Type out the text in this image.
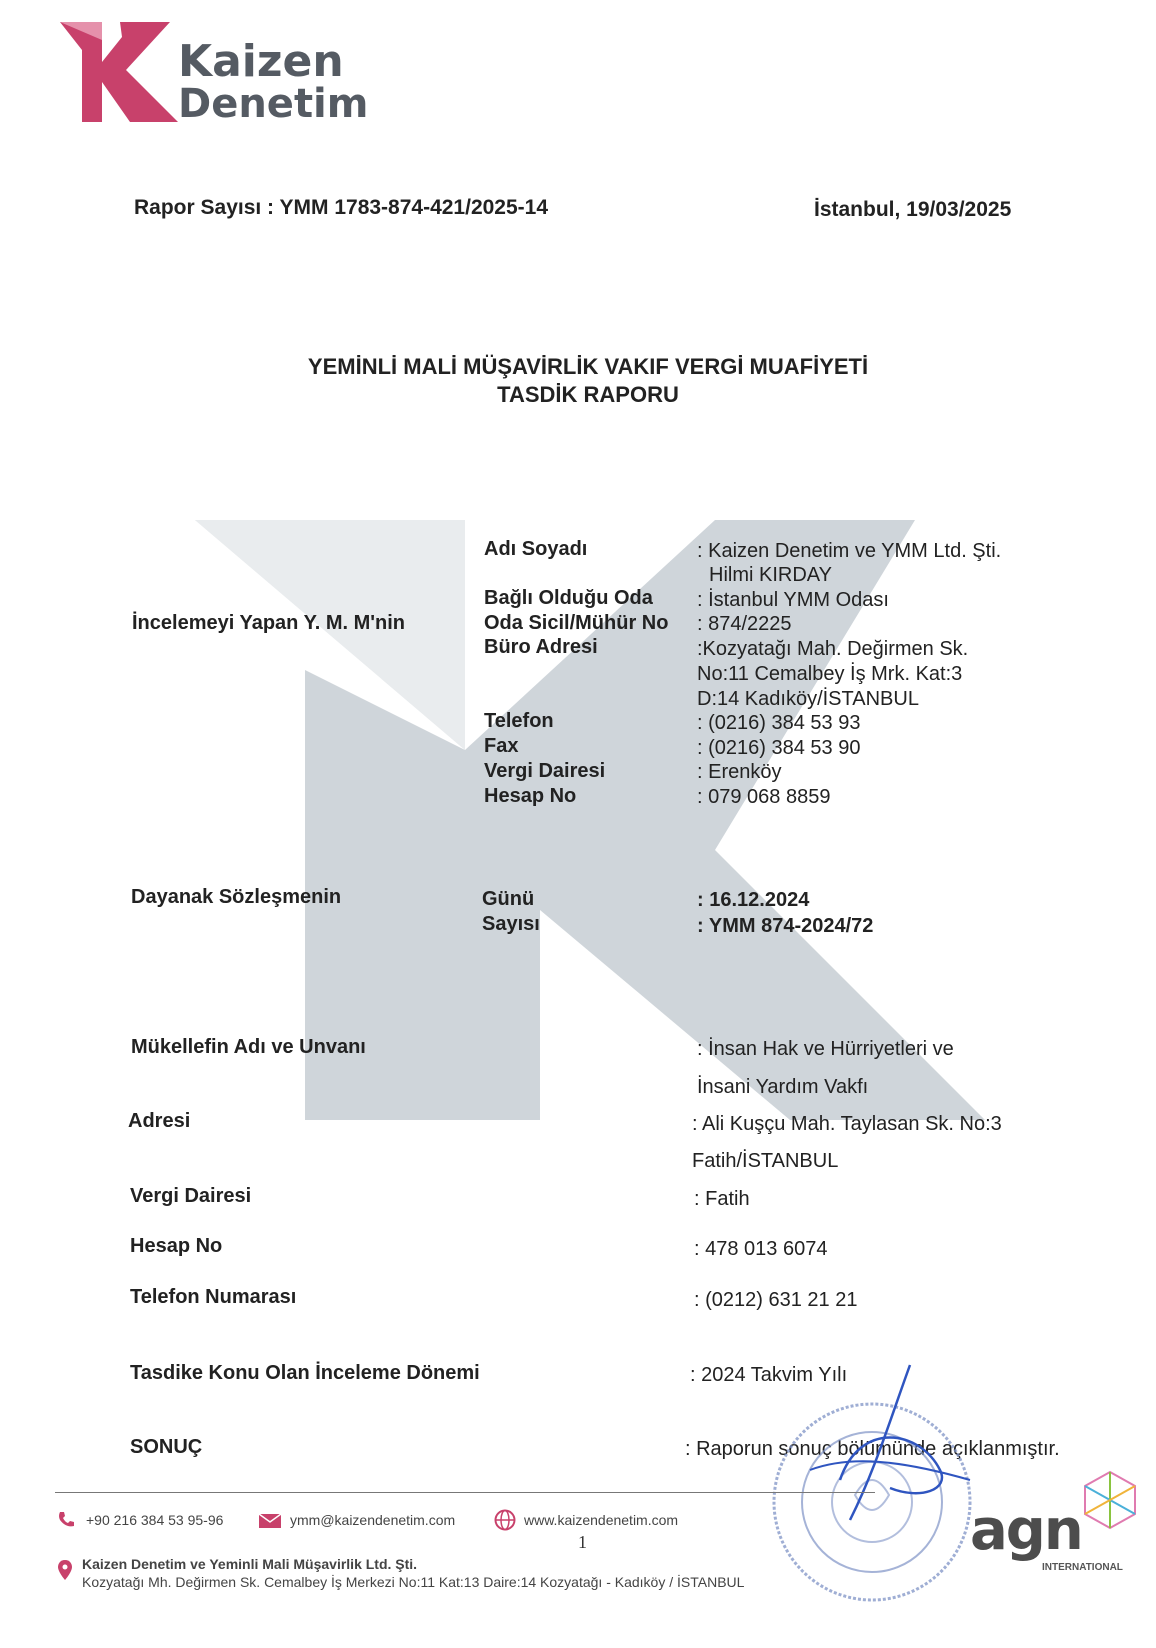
Kaizen
Denetim
Rapor Sayısı : YMM 1783-874-421/2025-14	İstanbul, 19/03/2025
YEMİNLİ MALİ MÜŞAVİRLİK VAKIF VERGİ MUAFİYETİ
TASDİK RAPORU
İncelemeyi Yapan Y. M. M'nin
Adı Soyadı	: Kaizen Denetim ve YMM Ltd. Şti.
Hilmi KIRDAY
Bağlı Olduğu Oda : İstanbul YMM Odası
Oda Sicil/Mühür No : 874/2225
Büro Adresi	:Kozyatağı Mah. Değirmen Sk.
No:11 Cemalbey İş Mrk. Kat:3
D:14 Kadıköy/İSTANBUL
Telefon	: (0216) 384 53 93
Fax	: (0216) 384 53 90
Vergi Dairesi	: Erenköy
Hesap No	: 079 068 8859
Dayanak Sözleşmenin	Günü	: 16.12.2024
Sayısı	: YMM 874-2024/72
Mükellefin Adı ve Unvanı	: İnsan Hak ve Hürriyetleri ve
İnsani Yardım Vakfı
Adresi	: Ali Kuşçu Mah. Taylasan Sk. No:3
Fatih/İSTANBUL
Vergi Dairesi	: Fatih
Hesap No	: 478 013 6074
Telefon Numarası	: (0212) 631 21 21
Tasdike Konu Olan İnceleme Dönemi	: 2024 Takvim Yılı
SONUÇ	: Raporun sonuç bölümünde açıklanmıştır.
+90 216 384 53 95-96	ymm@kaizendenetim.com	www.kaizendenetim.com
1
Kaizen Denetim ve Yeminli Mali Müşavirlik Ltd. Şti.
Kozyatağı Mh. Değirmen Sk. Cemalbey İş Merkezi No:11 Kat:13 Daire:14 Kozyatağı - Kadıköy / İSTANBUL
agn
INTERNATIONAL
